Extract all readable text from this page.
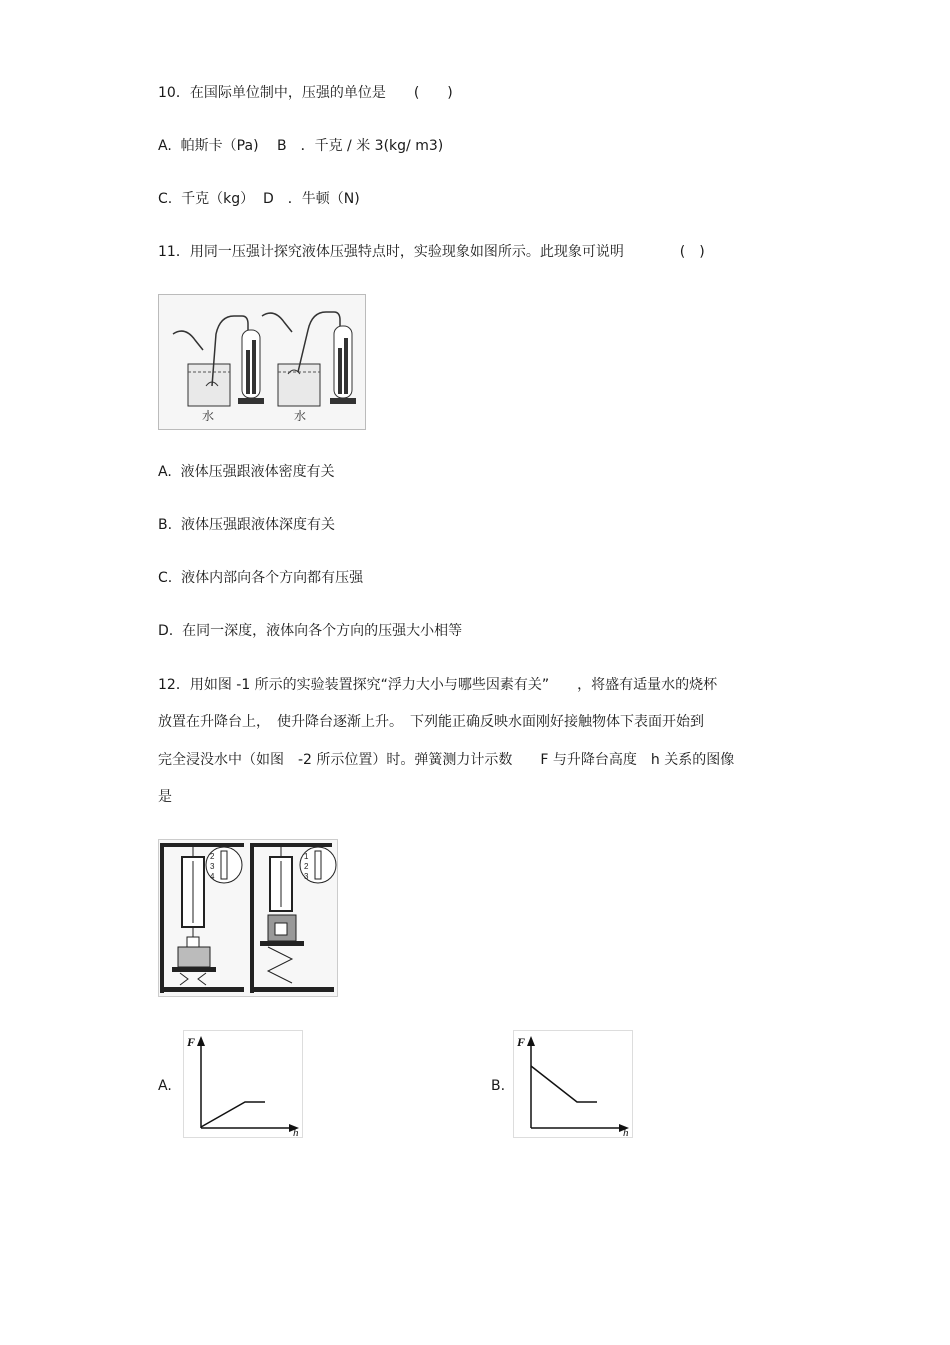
10．在国际单位制中，压强的单位是　　(　　)
A.  帕斯卡（Pa)　 B　．千克 / 米 3(kg/ m3)
C.  千克（kg）  D　．牛顿（N)
11．用同一压强计探究液体压强特点时，实验现象如图所示。此现象可说明　　　　(　)
水	水
A.  液体压强跟液体密度有关
B.  液体压强跟液体深度有关
C.  液体内部向各个方向都有压强
D.  在同一深度，液体向各个方向的压强大小相等
12．用如图 -1 所示的实验装置探究“浮力大小与哪些因素有关”　　，将盛有适量水的烧杯
放置在升降台上，　使升降台逐渐上升。　下列能正确反映水面刚好接触物体下表面开始到
完全浸没水中（如图　-2 所示位置）时。弹簧测力计示数　　F 与升降台高度　h 关系的图像
是
2
3
4
1
2
3
A.
F
h
B.
F
h
